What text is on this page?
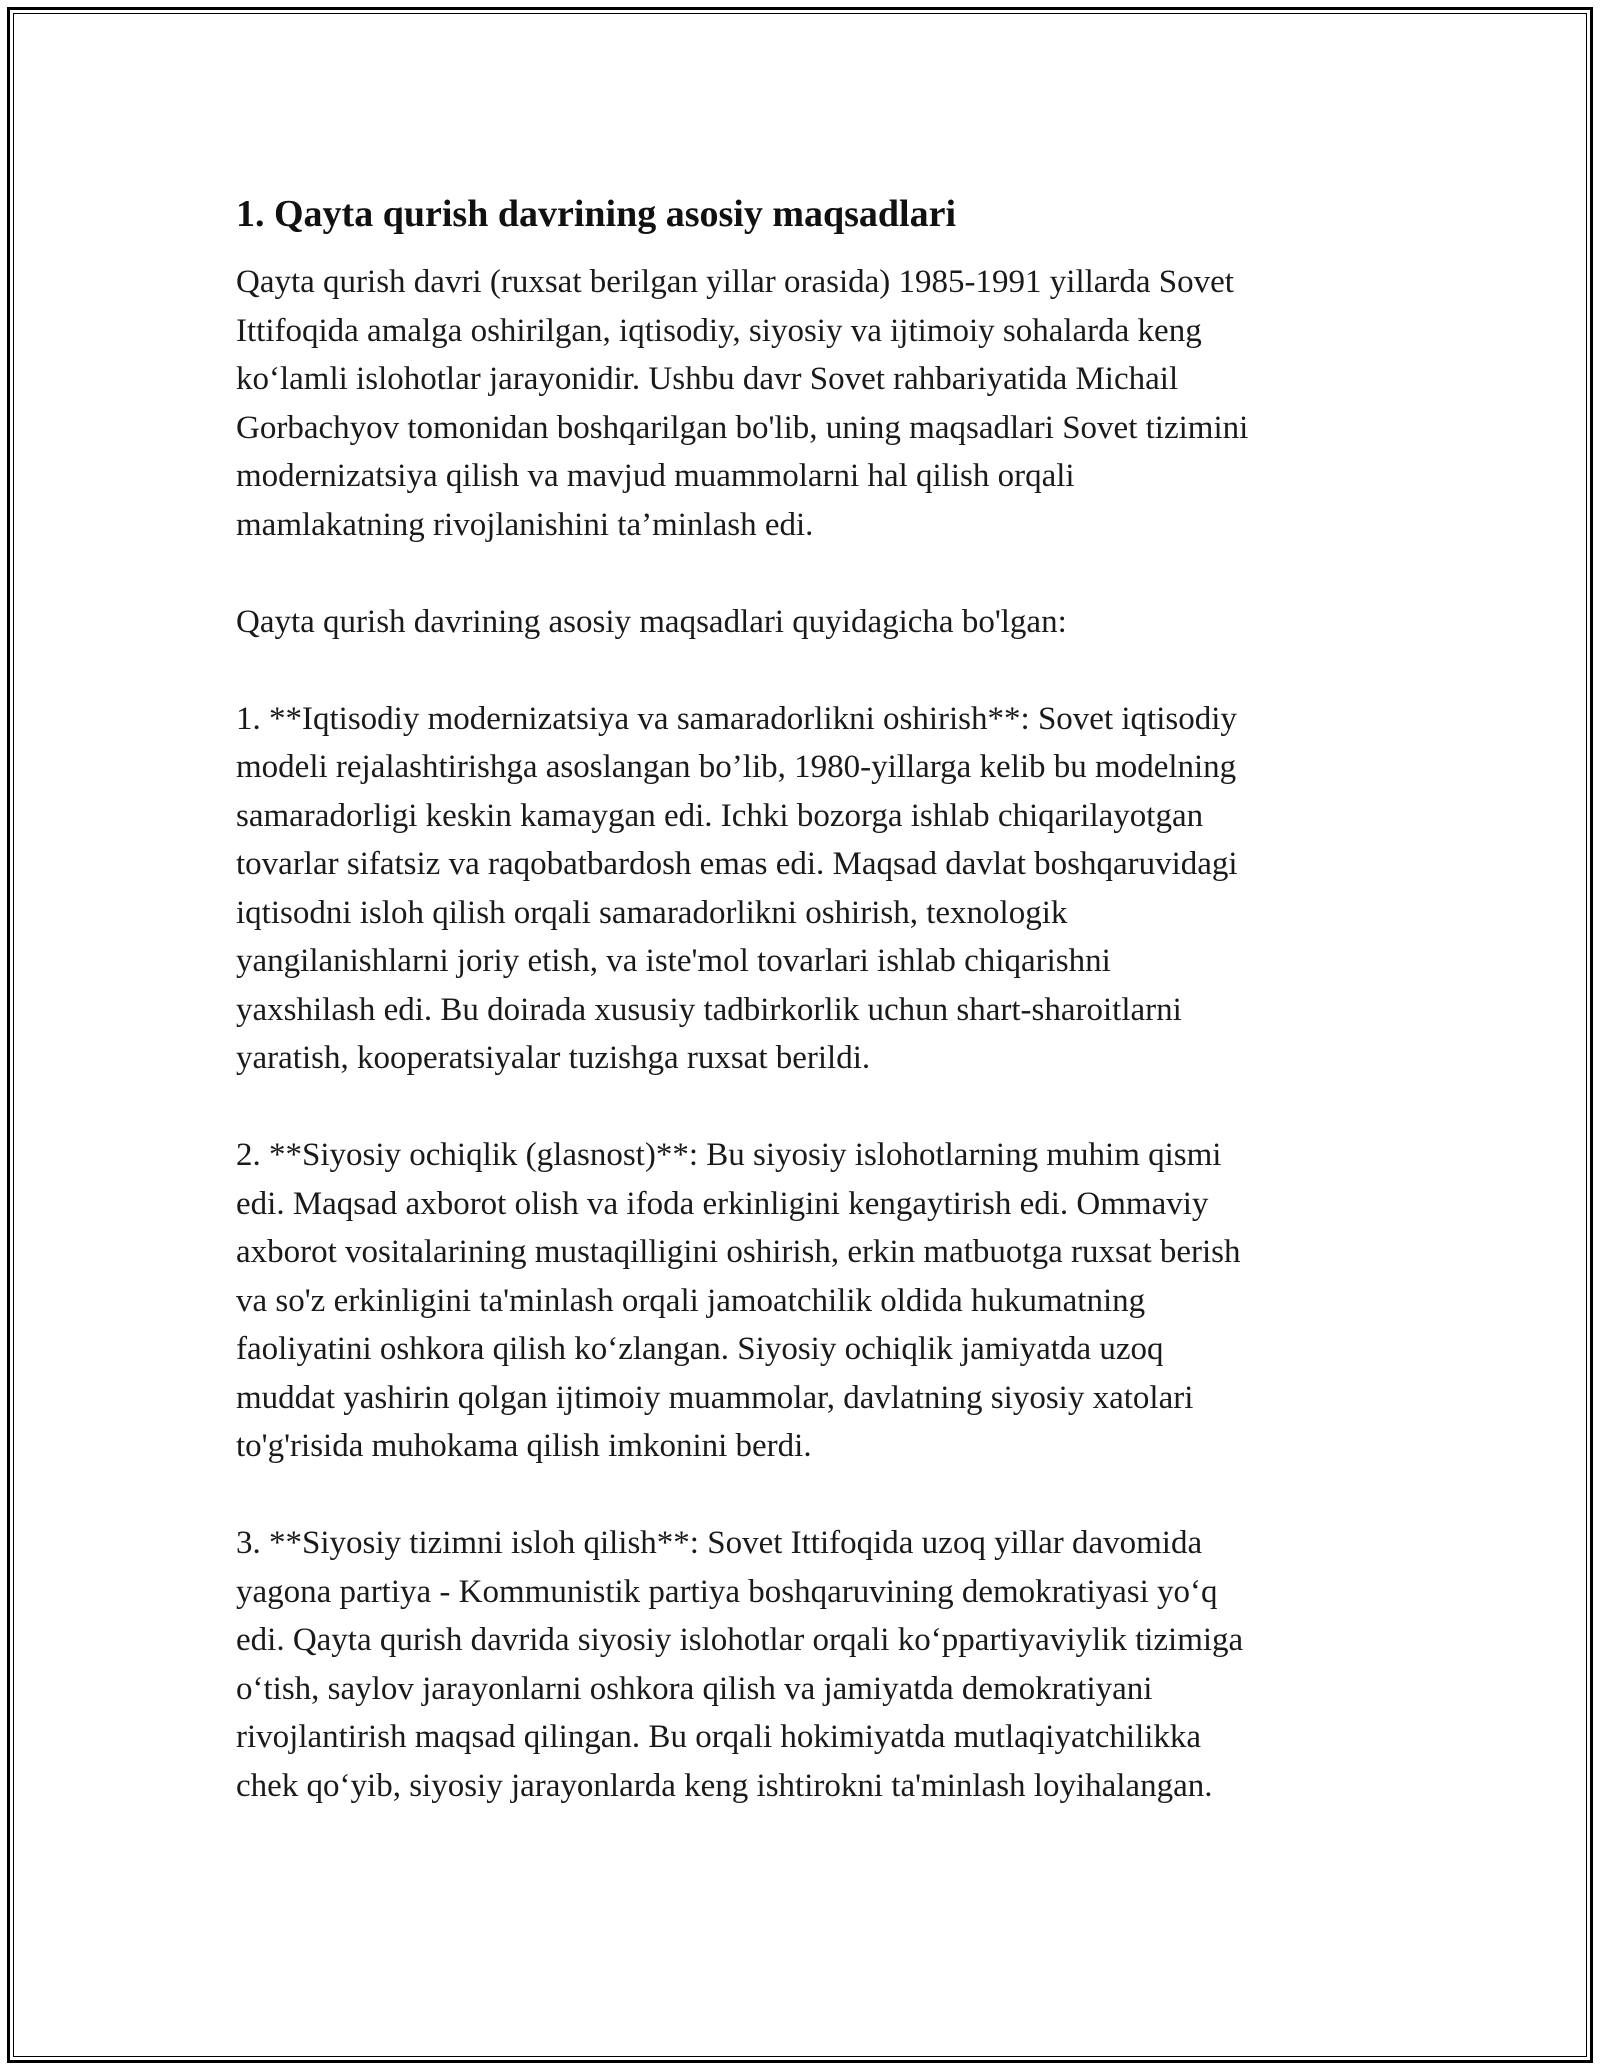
1. Qayta qurish davrining asosiy maqsadlari
Qayta qurish davri (ruxsat berilgan yillar orasida) 1985-1991 yillarda Sovet
Ittifoqida amalga oshirilgan, iqtisodiy, siyosiy va ijtimoiy sohalarda keng
ko‘lamli islohotlar jarayonidir. Ushbu davr Sovet rahbariyatida Michail
Gorbachyov tomonidan boshqarilgan bo'lib, uning maqsadlari Sovet tizimini
modernizatsiya qilish va mavjud muammolarni hal qilish orqali
mamlakatning rivojlanishini ta’minlash edi.
Qayta qurish davrining asosiy maqsadlari quyidagicha bo'lgan:
1. **Iqtisodiy modernizatsiya va samaradorlikni oshirish**: Sovet iqtisodiy
modeli rejalashtirishga asoslangan bo’lib, 1980-yillarga kelib bu modelning
samaradorligi keskin kamaygan edi. Ichki bozorga ishlab chiqarilayotgan
tovarlar sifatsiz va raqobatbardosh emas edi. Maqsad davlat boshqaruvidagi
iqtisodni isloh qilish orqali samaradorlikni oshirish, texnologik
yangilanishlarni joriy etish, va iste'mol tovarlari ishlab chiqarishni
yaxshilash edi. Bu doirada xususiy tadbirkorlik uchun shart-sharoitlarni
yaratish, kooperatsiyalar tuzishga ruxsat berildi.
2. **Siyosiy ochiqlik (glasnost)**: Bu siyosiy islohotlarning muhim qismi
edi. Maqsad axborot olish va ifoda erkinligini kengaytirish edi. Ommaviy
axborot vositalarining mustaqilligini oshirish, erkin matbuotga ruxsat berish
va so'z erkinligini ta'minlash orqali jamoatchilik oldida hukumatning
faoliyatini oshkora qilish ko‘zlangan. Siyosiy ochiqlik jamiyatda uzoq
muddat yashirin qolgan ijtimoiy muammolar, davlatning siyosiy xatolari
to'g'risida muhokama qilish imkonini berdi.
3. **Siyosiy tizimni isloh qilish**: Sovet Ittifoqida uzoq yillar davomida
yagona partiya - Kommunistik partiya boshqaruvining demokratiyasi yo‘q
edi. Qayta qurish davrida siyosiy islohotlar orqali ko‘ppartiyaviylik tizimiga
o‘tish, saylov jarayonlarni oshkora qilish va jamiyatda demokratiyani
rivojlantirish maqsad qilingan. Bu orqali hokimiyatda mutlaqiyatchilikka
chek qo‘yib, siyosiy jarayonlarda keng ishtirokni ta'minlash loyihalangan.
